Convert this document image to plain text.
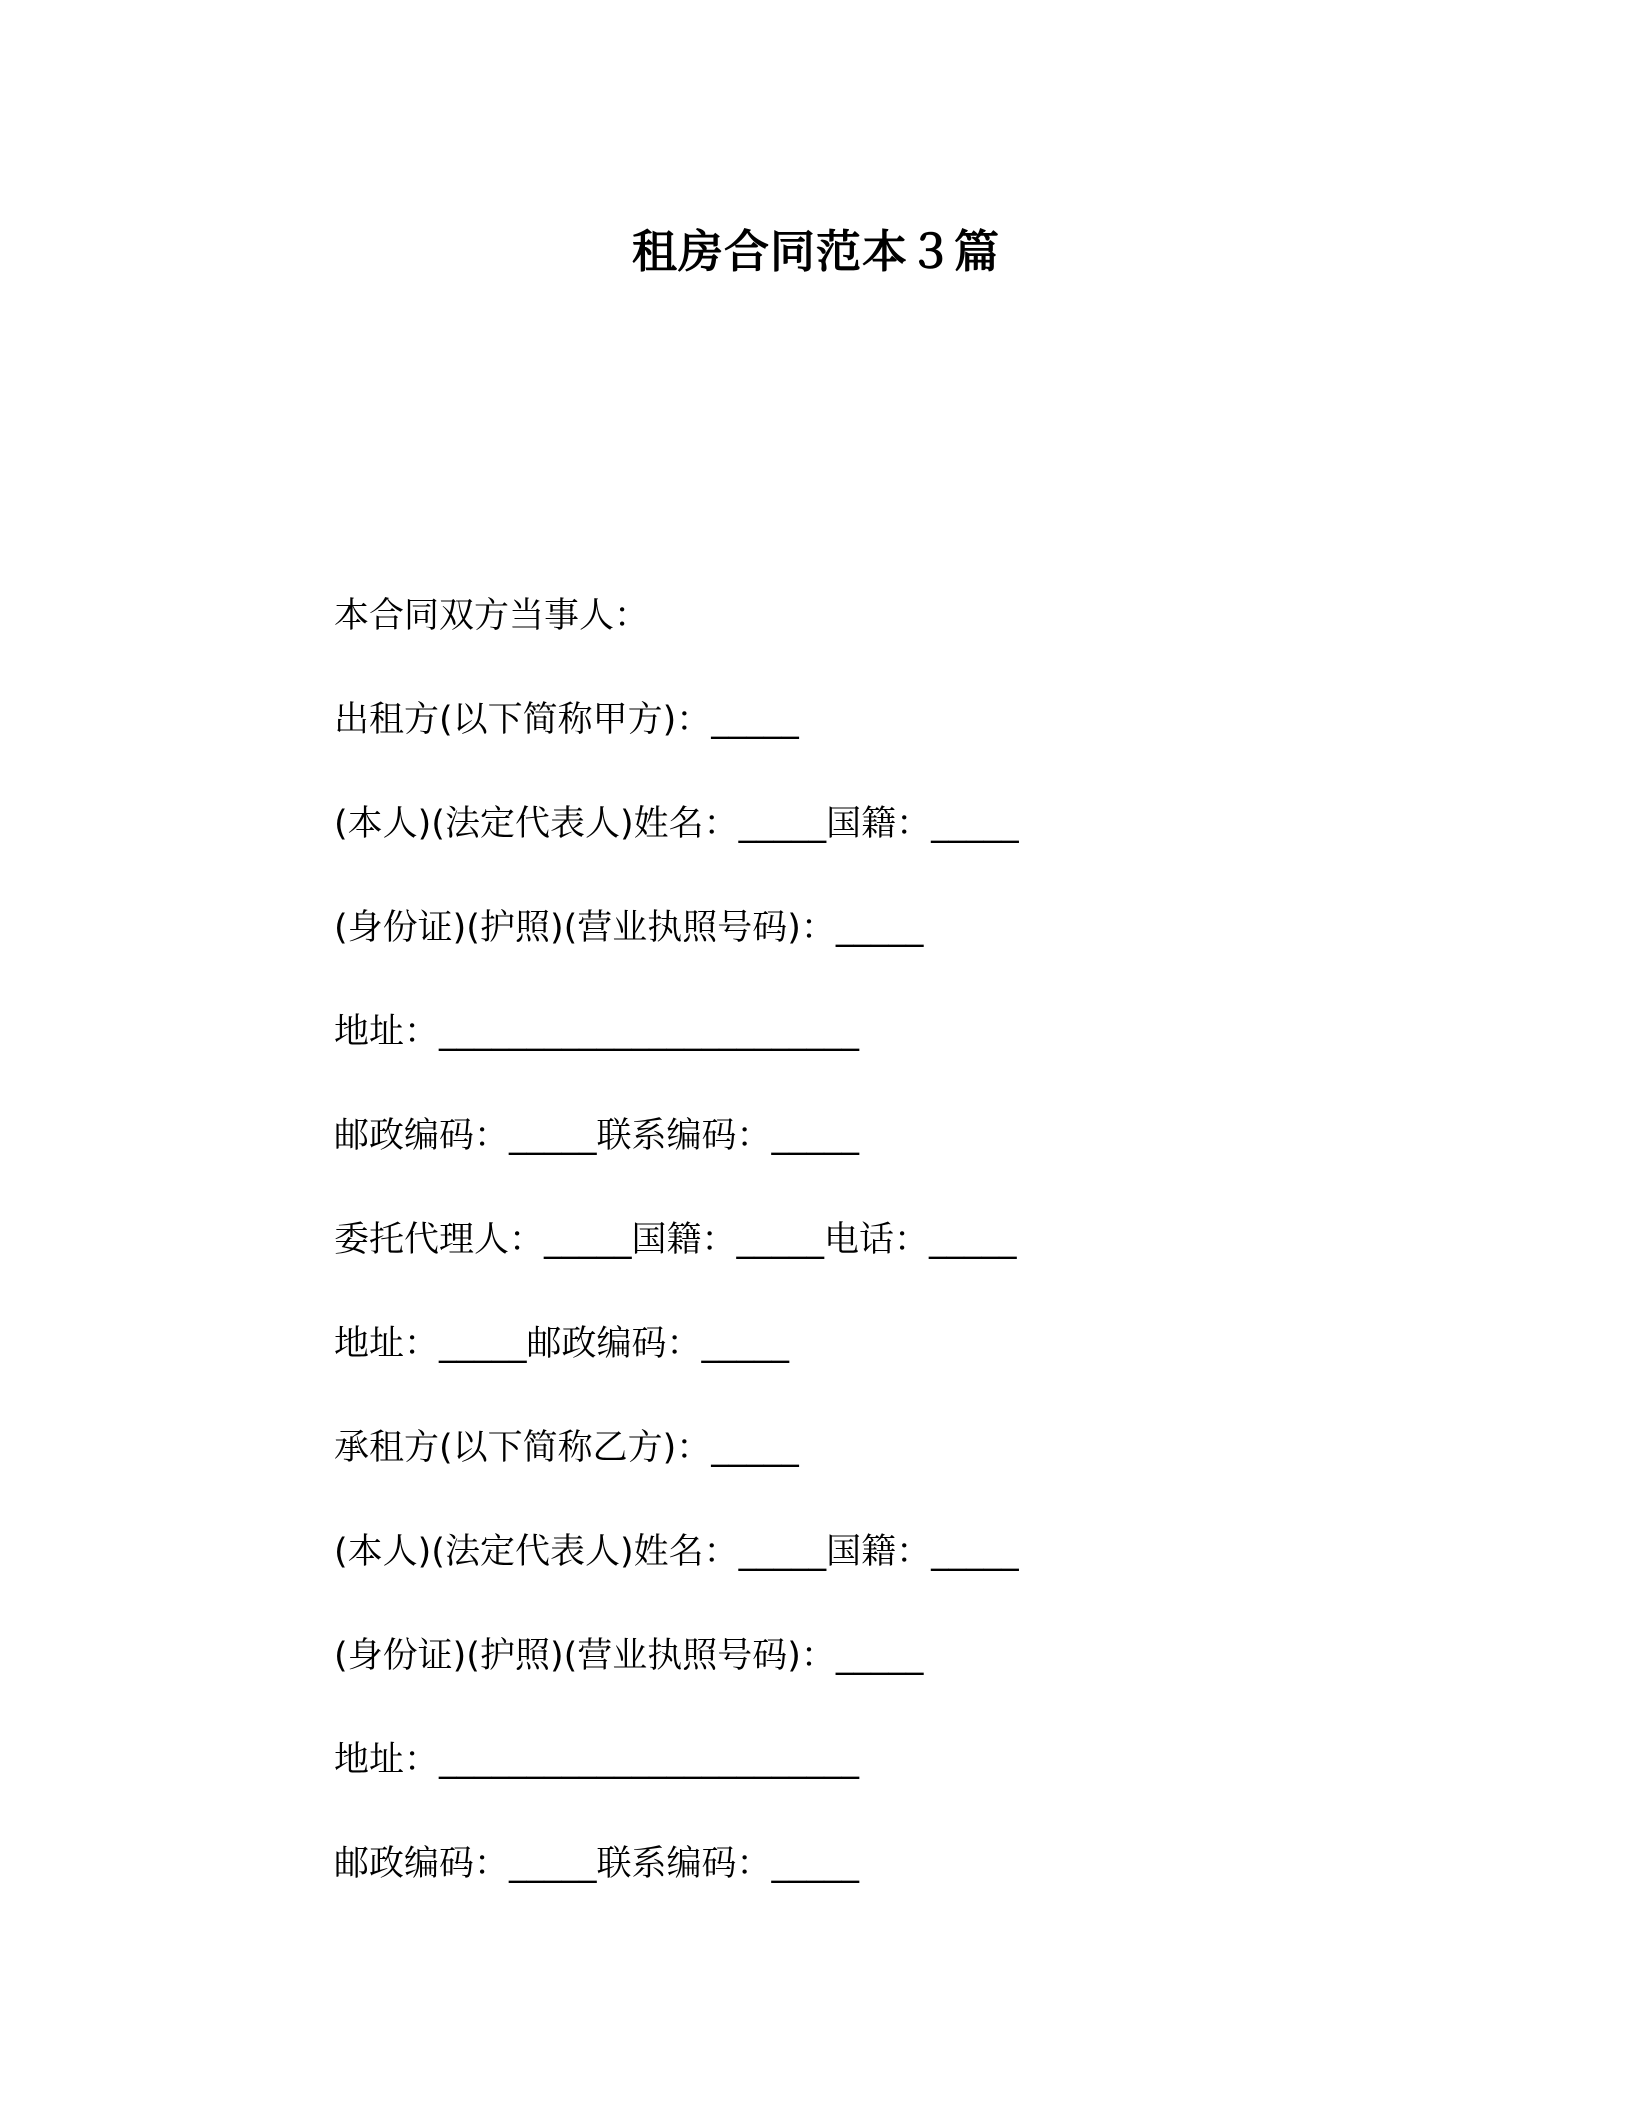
租房合同范本３篇
本合同双方当事人：
出租方(以下简称甲方)：_____
(本人)(法定代表人)姓名：_____国籍：_____
(身份证)(护照)(营业执照号码)：_____
地址：________________________
邮政编码：_____联系编码：_____
委托代理人：_____国籍：_____电话：_____
地址：_____邮政编码：_____
承租方(以下简称乙方)：_____
(本人)(法定代表人)姓名：_____国籍：_____
(身份证)(护照)(营业执照号码)：_____
地址：________________________
邮政编码：_____联系编码：_____
